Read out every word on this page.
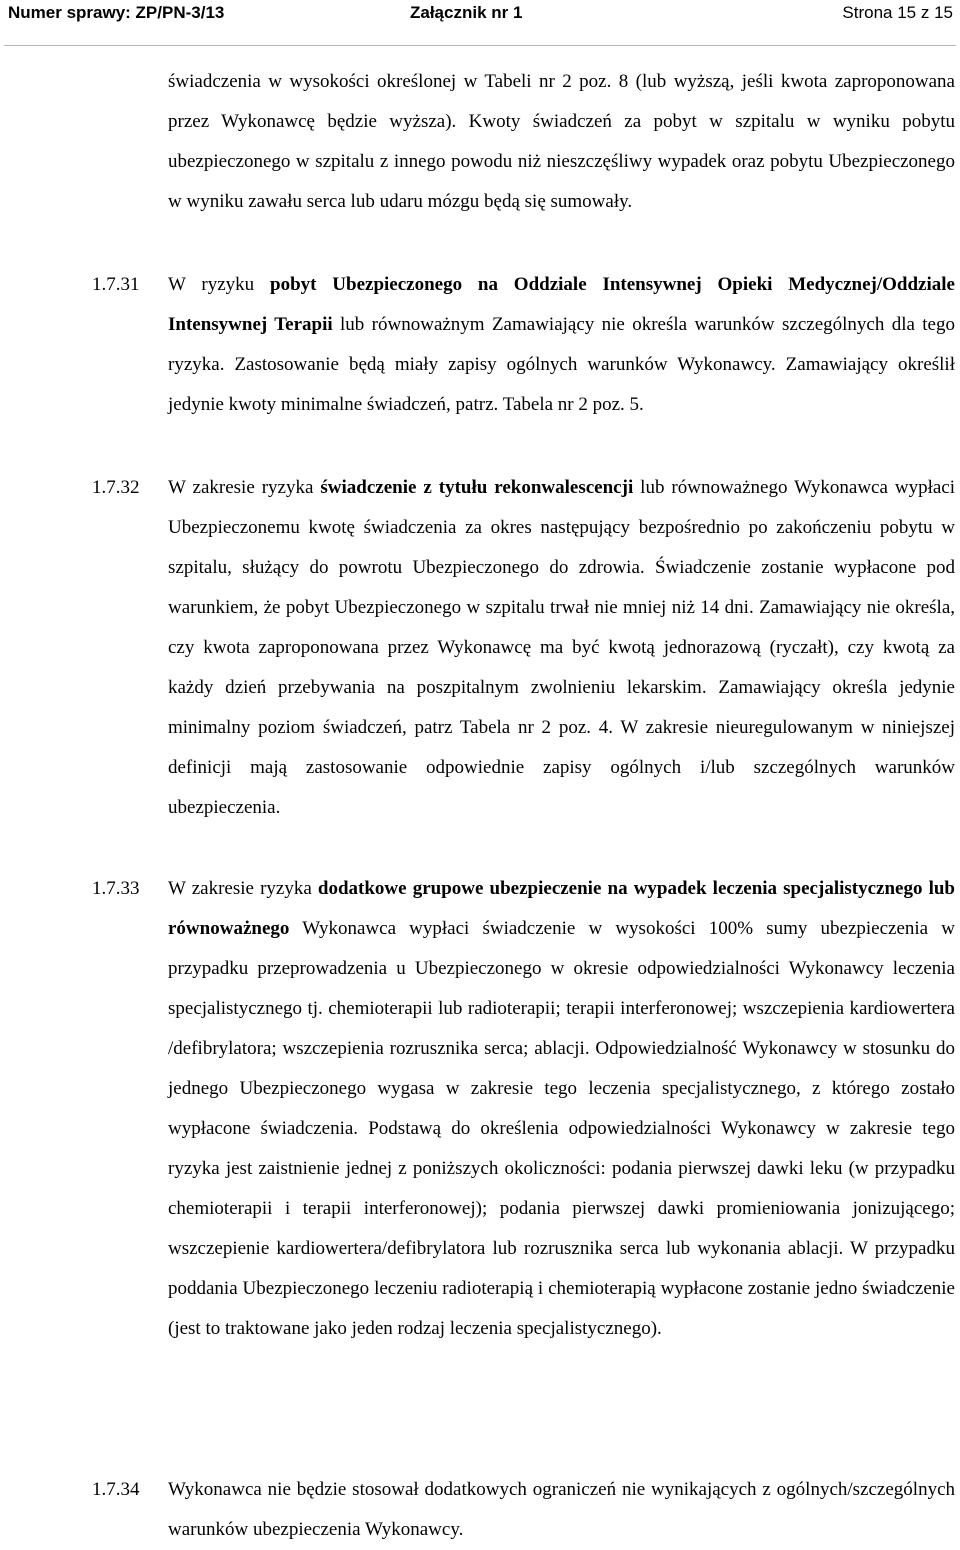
Numer sprawy: ZP/PN-3/13	Załącznik nr 1	Strona 15 z 15
świadczenia w wysokości określonej w Tabeli nr 2 poz. 8 (lub wyższą, jeśli kwota zaproponowana przez Wykonawcę będzie wyższa). Kwoty świadczeń za pobyt w szpitalu w wyniku pobytu ubezpieczonego w szpitalu z innego powodu niż nieszczęśliwy wypadek oraz pobytu Ubezpieczonego w wyniku zawału serca lub udaru mózgu będą się sumowały.
1.7.31	W ryzyku pobyt Ubezpieczonego na Oddziale Intensywnej Opieki Medycznej/Oddziale Intensywnej Terapii lub równoważnym Zamawiający nie określa warunków szczególnych dla tego ryzyka. Zastosowanie będą miały zapisy ogólnych warunków Wykonawcy. Zamawiający określił jedynie kwoty minimalne świadczeń, patrz. Tabela nr 2 poz. 5.
1.7.32	W zakresie ryzyka świadczenie z tytułu rekonwalescencji lub równoważnego Wykonawca wypłaci Ubezpieczonemu kwotę świadczenia za okres następujący bezpośrednio po zakończeniu pobytu w szpitalu, służący do powrotu Ubezpieczonego do zdrowia. Świadczenie zostanie wypłacone pod warunkiem, że pobyt Ubezpieczonego w szpitalu trwał nie mniej niż 14 dni. Zamawiający nie określa, czy kwota zaproponowana przez Wykonawcę ma być kwotą jednorazową (ryczałt), czy kwotą za każdy dzień przebywania na poszpitalnym zwolnieniu lekarskim. Zamawiający określa jedynie minimalny poziom świadczeń, patrz Tabela nr 2 poz. 4. W zakresie nieuregulowanym w niniejszej definicji mają zastosowanie odpowiednie zapisy ogólnych i/lub szczególnych warunków ubezpieczenia.
1.7.33	W zakresie ryzyka dodatkowe grupowe ubezpieczenie na wypadek leczenia specjalistycznego lub równoważnego Wykonawca wypłaci świadczenie w wysokości 100% sumy ubezpieczenia w przypadku przeprowadzenia u Ubezpieczonego w okresie odpowiedzialności Wykonawcy leczenia specjalistycznego tj. chemioterapii lub radioterapii; terapii interferonowej; wszczepienia kardiowertera /defibrylatora; wszczepienia rozrusznika serca; ablacji. Odpowiedzialność Wykonawcy w stosunku do jednego Ubezpieczonego wygasa w zakresie tego leczenia specjalistycznego, z którego zostało wypłacone świadczenia. Podstawą do określenia odpowiedzialności Wykonawcy w zakresie tego ryzyka jest zaistnienie jednej z poniższych okoliczności: podania pierwszej dawki leku (w przypadku chemioterapii i terapii interferonowej); podania pierwszej dawki promieniowania jonizującego; wszczepienie kardiowertera/defibrylatora lub rozrusznika serca lub wykonania ablacji. W przypadku poddania Ubezpieczonego leczeniu radioterapią i chemioterapią wypłacone zostanie jedno świadczenie (jest to traktowane jako jeden rodzaj leczenia specjalistycznego).
1.7.34	Wykonawca nie będzie stosował dodatkowych ograniczeń nie wynikających z ogólnych/szczególnych warunków ubezpieczenia Wykonawcy.
